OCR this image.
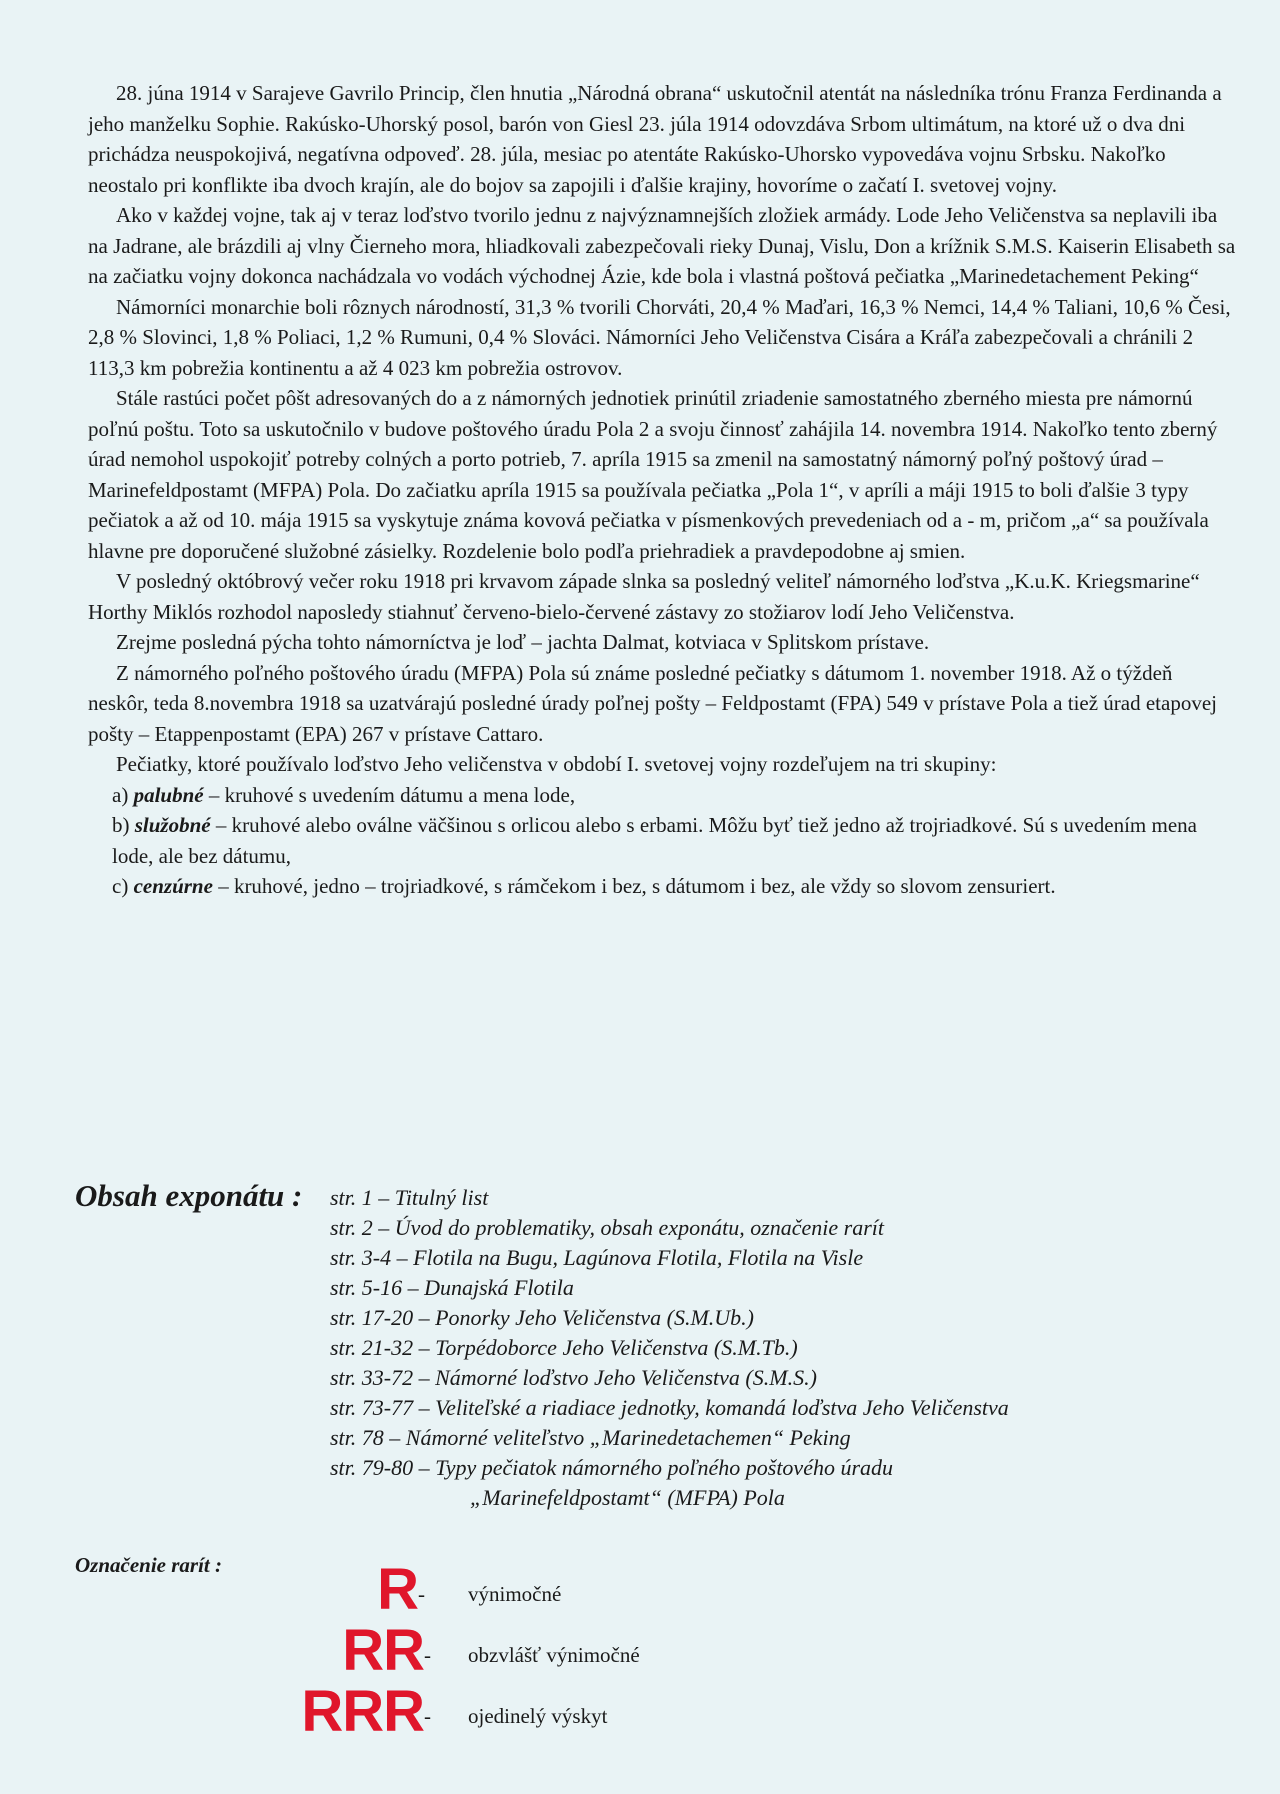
28. júna 1914 v Sarajeve Gavrilo Princip, člen hnutia „Národná obrana“ uskutočnil atentát na následníka trónu Franza Ferdinanda a jeho manželku Sophie. Rakúsko-Uhorský posol, barón von Giesl 23. júla 1914 odovzdáva Srbom ultimátum, na ktoré už o dva dni prichádza neuspokojivá, negatívna odpoveď. 28. júla, mesiac po atentáte Rakúsko-Uhorsko vypovedáva vojnu Srbsku. Nakoľko neostalo pri konflikte iba dvoch krajín, ale do bojov sa zapojili i ďalšie krajiny, hovoríme o začatí I. svetovej vojny.

Ako v každej vojne, tak aj v teraz loďstvo tvorilo jednu z najvýznamnejších zložiek armády. Lode Jeho Veličenstva sa neplavili iba na Jadrane, ale brázdili aj vlny Čierneho mora, hliadkovali zabezpečovali rieky Dunaj, Vislu, Don a krížnik S.M.S. Kaiserin Elisabeth sa na začiatku vojny dokonca nachádzala vo vodách východnej Ázie, kde bola i vlastná poštová pečiatka „Marinedetachement Peking“

Námorníci monarchie boli rôznych národností, 31,3 % tvorili Chorváti, 20,4 % Maďari, 16,3 % Nemci, 14,4 % Taliani, 10,6 % Česi, 2,8 % Slovinci, 1,8 % Poliaci, 1,2 % Rumuni, 0,4 % Slováci. Námorníci Jeho Veličenstva Cisára a Kráľa zabezpečovali a chránili 2 113,3 km pobrežia kontinentu a až 4 023 km pobrežia ostrovov.

Stále rastúci počet pôšt adresovaných do a z námorných jednotiek prinútil zriadenie samostatného zberného miesta pre námornú poľnú poštu. Toto sa uskutočnilo v budove poštového úradu Pola 2 a svoju činnosť zahájila 14. novembra 1914. Nakoľko tento zberný úrad nemohol uspokojiť potreby colných a porto potrieb, 7. apríla 1915 sa zmenil na samostatný námorný poľný poštový úrad – Marinefeldpostamt (MFPA) Pola. Do začiatku apríla 1915 sa používala pečiatka „Pola 1“, v apríli a máji 1915 to boli ďalšie 3 typy pečiatok a až od 10. mája 1915 sa vyskytuje známa kovová pečiatka v písmenkových prevedeniach od a - m, pričom „a“ sa používala hlavne pre doporučené služobné zásielky. Rozdelenie bolo podľa priehradiek a pravdepodobne aj smien.

V posledný októbrový večer roku 1918 pri krvavom západe slnka sa posledný veliteľ námorného loďstva „K.u.K. Kriegsmarine“ Horthy Miklós rozhodol naposledy stiahnuť červeno-bielo-červené zástavy zo stožiarov lodí Jeho Veličenstva.

Zrejme posledná pýcha tohto námorníctva je loď – jachta Dalmat, kotviaca v Splitskom prístave.

Z námorného poľného poštového úradu (MFPA) Pola sú známe posledné pečiatky s dátumom 1. november 1918. Až o týždeň neskôr, teda 8.novembra 1918 sa uzatvárajú posledné úrady poľnej pošty – Feldpostamt (FPA) 549 v prístave Pola a tiež úrad etapovej pošty – Etappenpostamt (EPA) 267 v prístave Cattaro.

Pečiatky, ktoré používalo loďstvo Jeho veličenstva v období I. svetovej vojny rozdeľujem na tri skupiny:

a) palubné – kruhové s uvedením dátumu a mena lode,

b) služobné – kruhové alebo oválne väčšinou s orlicou alebo s erbami. Môžu byť tiež jedno až trojriadkové. Sú s uvedením mena lode, ale bez dátumu,

c) cenzúrne – kruhové, jedno – trojriadkové, s rámčekom i bez, s dátumom i bez, ale vždy so slovom zensuriert.

Obsah exponátu : str. 1 – Titulný list
str. 2 – Úvod do problematiky, obsah exponátu, označenie rarít
str. 3-4 – Flotila na Bugu, Lagúnova Flotila, Flotila na Visle
str. 5-16 – Dunajská Flotila
str. 17-20 – Ponorky Jeho Veličenstva (S.M.Ub.)
str. 21-32 – Torpédoborce Jeho Veličenstva (S.M.Tb.)
str. 33-72 – Námorné loďstvo Jeho Veličenstva (S.M.S.)
str. 73-77 – Veliteľské a riadiace jednotky, komandá loďstva Jeho Veličenstva
str. 78 – Námorné veliteľstvo „Marinedetachemen“ Peking
str. 79-80 – Typy pečiatok námorného poľného poštového úradu
„Marinefeldpostamt“ (MFPA) Pola
Označenie rarít :	R - výnimočné
RR - obzvlášť výnimočné
RRR - ojedinelý výskyt
